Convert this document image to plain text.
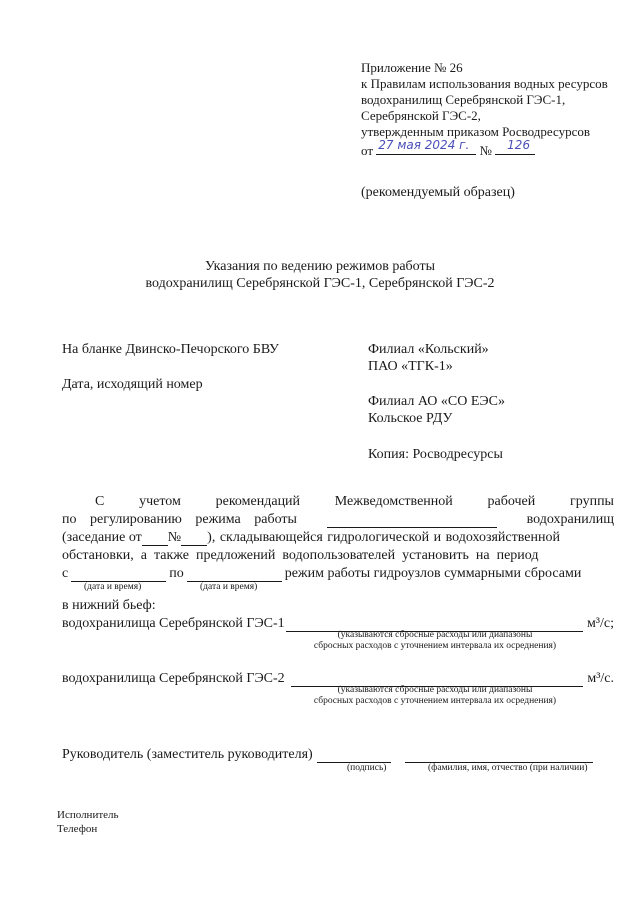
Приложение № 26
к Правилам использования водных ресурсов
водохранилищ Серебрянской ГЭС-1,
Серебрянской ГЭС-2,
утвержденным приказом Росводресурсов
от 27 мая 2024 г. № 126
(рекомендуемый образец)
Указания по ведению режимов работы
водохранилищ Серебрянской ГЭС-1, Серебрянской ГЭС-2
На бланке Двинско-Печорского БВУ
Дата, исходящий номер
Филиал «Кольский»
ПАО «ТГК-1»
Филиал АО «СО ЕЭС»
Кольское РДУ
Копия: Росводресурсы
С учетом рекомендаций Межведомственной рабочей группы
по регулированию режима работы	водохранилищ
(заседание от № ), складывающейся гидрологической и водохозяйственной
обстановки, а также предложений водопользователей установить на период
с	по	режим работы гидроузлов суммарными сбросами
(дата и время)	(дата и время)
в нижний бьеф:
водохранилища Серебрянской ГЭС-1	м³/с;
(указываются сбросные расходы или диапазоны
сбросных расходов с уточнением интервала их осреднения)
водохранилища Серебрянской ГЭС-2	м³/с.
(указываются сбросные расходы или диапазоны
сбросных расходов с уточнением интервала их осреднения)
Руководитель (заместитель руководителя)
(подпись)	(фамилия, имя, отчество (при наличии)
Исполнитель
Телефон
